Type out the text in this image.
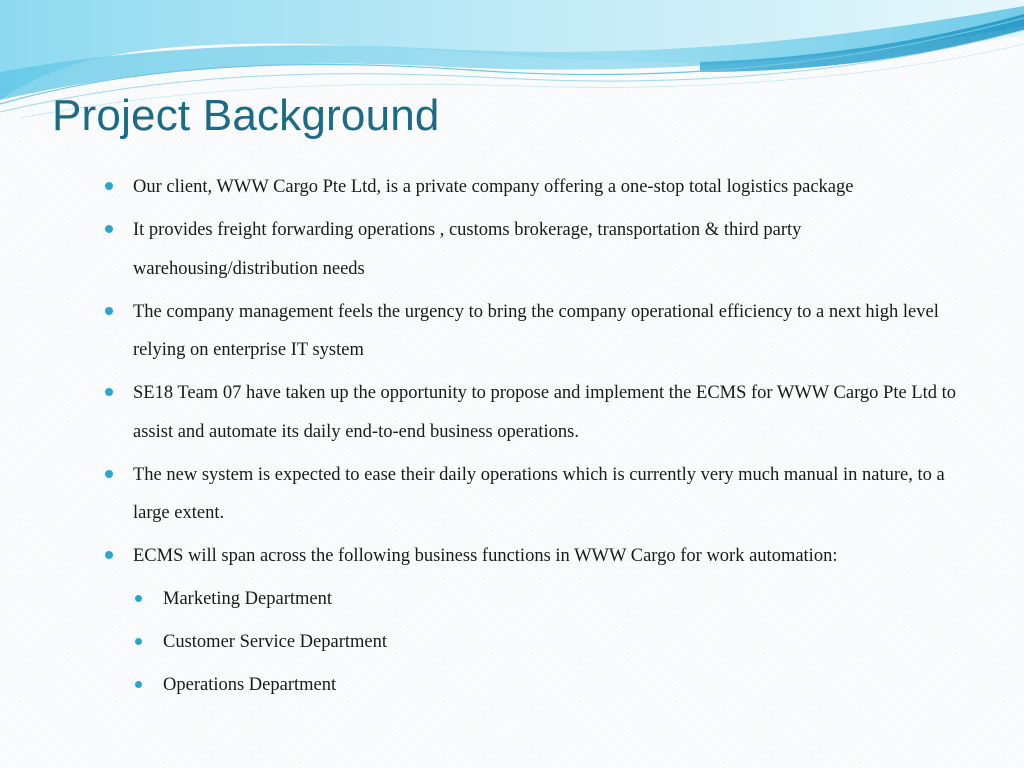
Project Background
Our client, WWW Cargo Pte Ltd, is a private company offering a one-stop total logistics package
It provides freight forwarding operations , customs brokerage, transportation & third party warehousing/distribution needs
The company management feels the urgency to bring the company operational efficiency to a next high level relying on enterprise IT system
SE18 Team 07 have taken up the opportunity to propose and implement the ECMS for WWW Cargo Pte Ltd to assist and automate its daily end-to-end business operations.
The new system is expected to ease their daily operations which is currently very much manual in nature, to a large extent.
ECMS will span across the following business functions in WWW Cargo for work automation:
Marketing Department
Customer Service Department
Operations Department
